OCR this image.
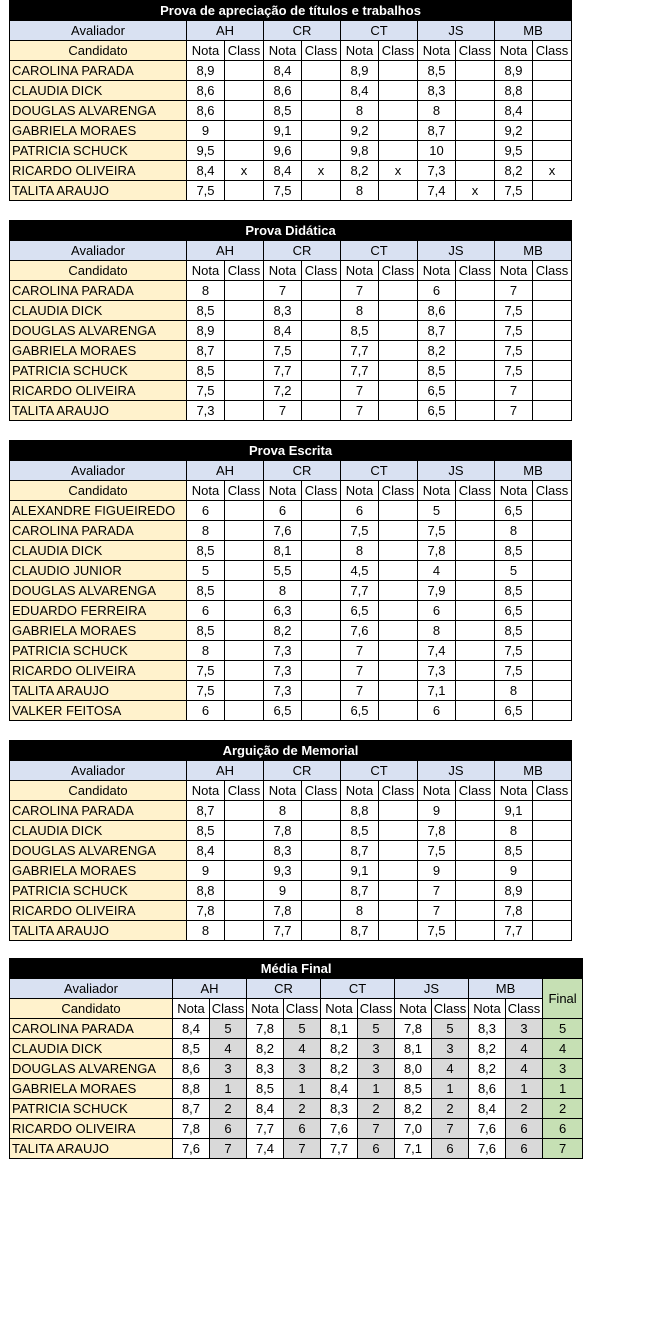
Prova de apreciação de títulos e trabalhos										
Avaliador	AH		CR		CT		JS		MB	
Candidato	Nota	Class	Nota	Class	Nota	Class	Nota	Class	Nota	Class
CAROLINA PARADA	8,9		8,4		8,9		8,5		8,9	
CLAUDIA DICK	8,6		8,6		8,4		8,3		8,8	
DOUGLAS ALVARENGA	8,6		8,5		8		8		8,4	
GABRIELA MORAES	9		9,1		9,2		8,7		9,2	
PATRICIA SCHUCK	9,5		9,6		9,8		10		9,5	
RICARDO OLIVEIRA	8,4	x	8,4	x	8,2	x	7,3		8,2	x
TALITA ARAUJO	7,5		7,5		8		7,4	x	7,5	
Prova Didática										
Avaliador	AH		CR		CT		JS		MB	
Candidato	Nota	Class	Nota	Class	Nota	Class	Nota	Class	Nota	Class
CAROLINA PARADA	8		7		7		6		7	
CLAUDIA DICK	8,5		8,3		8		8,6		7,5	
DOUGLAS ALVARENGA	8,9		8,4		8,5		8,7		7,5	
GABRIELA MORAES	8,7		7,5		7,7		8,2		7,5	
PATRICIA SCHUCK	8,5		7,7		7,7		8,5		7,5	
RICARDO OLIVEIRA	7,5		7,2		7		6,5		7	
TALITA ARAUJO	7,3		7		7		6,5		7	
Prova Escrita										
Avaliador	AH		CR		CT		JS		MB	
Candidato	Nota	Class	Nota	Class	Nota	Class	Nota	Class	Nota	Class
ALEXANDRE FIGUEIREDO	6		6		6		5		6,5	
CAROLINA PARADA	8		7,6		7,5		7,5		8	
CLAUDIA DICK	8,5		8,1		8		7,8		8,5	
CLAUDIO JUNIOR	5		5,5		4,5		4		5	
DOUGLAS ALVARENGA	8,5		8		7,7		7,9		8,5	
EDUARDO FERREIRA	6		6,3		6,5		6		6,5	
GABRIELA MORAES	8,5		8,2		7,6		8		8,5	
PATRICIA SCHUCK	8		7,3		7		7,4		7,5	
RICARDO OLIVEIRA	7,5		7,3		7		7,3		7,5	
TALITA ARAUJO	7,5		7,3		7		7,1		8	
VALKER FEITOSA	6		6,5		6,5		6		6,5	
Arguição de Memorial										
Avaliador	AH		CR		CT		JS		MB	
Candidato	Nota	Class	Nota	Class	Nota	Class	Nota	Class	Nota	Class
CAROLINA PARADA	8,7		8		8,8		9		9,1	
CLAUDIA DICK	8,5		7,8		8,5		7,8		8	
DOUGLAS ALVARENGA	8,4		8,3		8,7		7,5		8,5	
GABRIELA MORAES	9		9,3		9,1		9		9	
PATRICIA SCHUCK	8,8		9		8,7		7		8,9	
RICARDO OLIVEIRA	7,8		7,8		8		7		7,8	
TALITA ARAUJO	8		7,7		8,7		7,5		7,7	
Média Final											
Avaliador	AH		CR		CT		JS		MB		Final
Candidato	Nota	Class	Nota	Class	Nota	Class	Nota	Class	Nota	Class	
CAROLINA PARADA	8,4	5	7,8	5	8,1	5	7,8	5	8,3	3	5
CLAUDIA DICK	8,5	4	8,2	4	8,2	3	8,1	3	8,2	4	4
DOUGLAS ALVARENGA	8,6	3	8,3	3	8,2	3	8,0	4	8,2	4	3
GABRIELA MORAES	8,8	1	8,5	1	8,4	1	8,5	1	8,6	1	1
PATRICIA SCHUCK	8,7	2	8,4	2	8,3	2	8,2	2	8,4	2	2
RICARDO OLIVEIRA	7,8	6	7,7	6	7,6	7	7,0	7	7,6	6	6
TALITA ARAUJO	7,6	7	7,4	7	7,7	6	7,1	6	7,6	6	7
